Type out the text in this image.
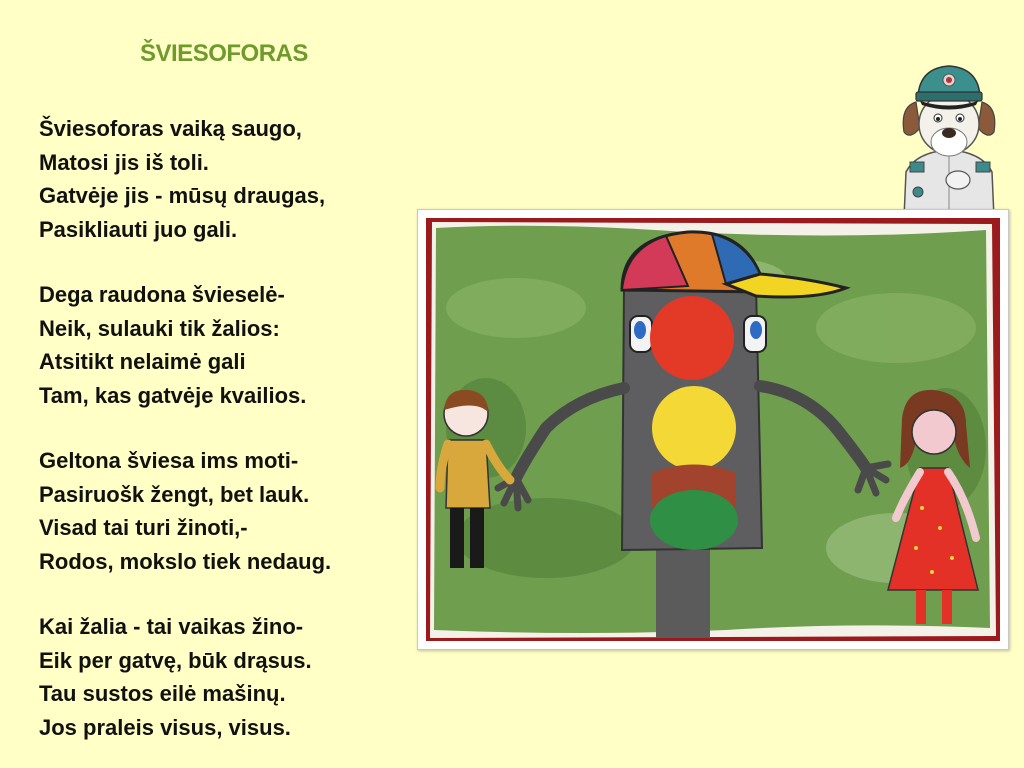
ŠVIESOFORAS
Šviesoforas vaiką saugo,
Matosi jis iš toli.
Gatvėje jis - mūsų draugas,
Pasikliauti juo gali.
Dega raudona švieselė-
Neik, sulauki tik žalios:
Atsitikt nelaimė gali
Tam, kas gatvėje kvailios.
Geltona šviesa ims moti-
Pasiruošk žengt, bet lauk.
Visad tai turi žinoti,-
Rodos, mokslo tiek nedaug.
Kai žalia - tai vaikas žino-
Eik per gatvę, būk drąsus.
Tau sustos eilė mašinų.
Jos praleis visus, visus.
